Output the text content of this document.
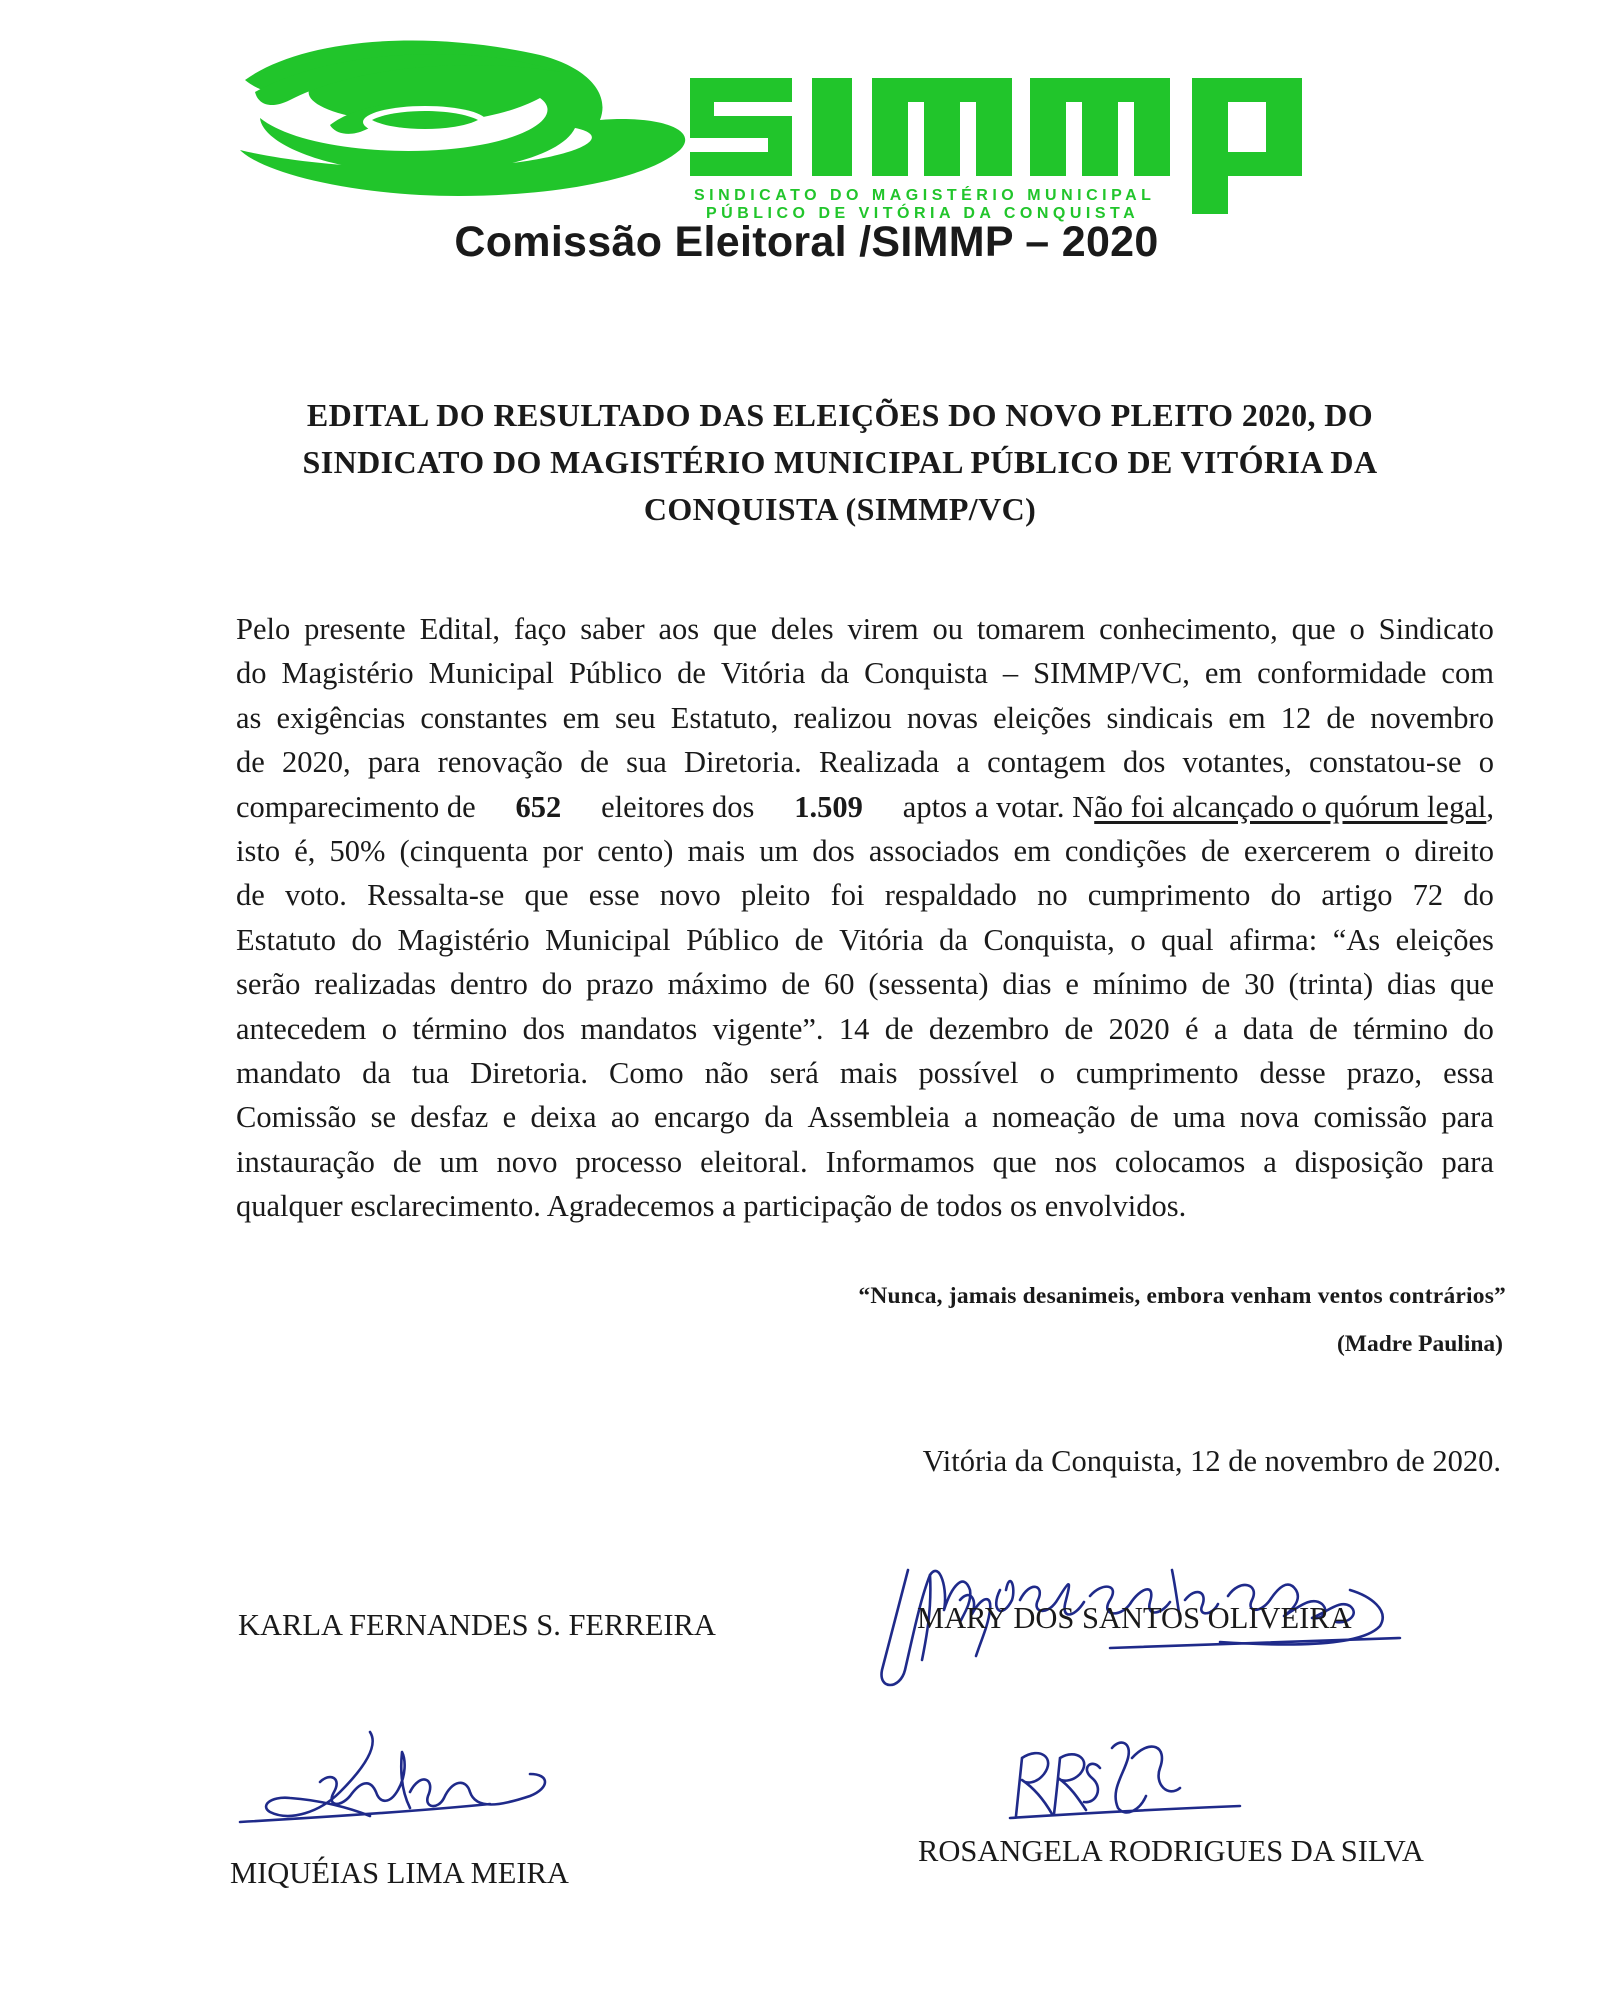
SINDICATO DO MAGISTÉRIO MUNICIPAL
PÚBLICO DE VITÓRIA DA CONQUISTA
Comissão Eleitoral /SIMMP – 2020
EDITAL DO RESULTADO DAS ELEIÇÕES DO NOVO PLEITO 2020, DO
SINDICATO DO MAGISTÉRIO MUNICIPAL PÚBLICO DE VITÓRIA DA
CONQUISTA (SIMMP/VC)
Pelo presente Edital, faço saber aos que deles virem ou tomarem conhecimento, que o Sindicato
do Magistério Municipal Público de Vitória da Conquista – SIMMP/VC, em conformidade com
as exigências constantes em seu Estatuto, realizou novas eleições sindicais em 12 de novembro
de 2020, para renovação de sua Diretoria. Realizada a contagem dos votantes, constatou-se o
comparecimento de 652 eleitores dos 1.509 aptos a votar. Não foi alcançado o quórum legal,
isto é, 50% (cinquenta por cento) mais um dos associados em condições de exercerem o direito
de voto. Ressalta-se que esse novo pleito foi respaldado no cumprimento do artigo 72 do
Estatuto do Magistério Municipal Público de Vitória da Conquista, o qual afirma: “As eleições
serão realizadas dentro do prazo máximo de 60 (sessenta) dias e mínimo de 30 (trinta) dias que
antecedem o término dos mandatos vigente”. 14 de dezembro de 2020 é a data de término do
mandato da tua Diretoria. Como não será mais possível o cumprimento desse prazo, essa
Comissão se desfaz e deixa ao encargo da Assembleia a nomeação de uma nova comissão para
instauração de um novo processo eleitoral. Informamos que nos colocamos a disposição para
qualquer esclarecimento. Agradecemos a participação de todos os envolvidos.
“Nunca, jamais desanimeis, embora venham ventos contrários”
(Madre Paulina)
Vitória da Conquista, 12 de novembro de 2020.
KARLA FERNANDES S. FERREIRA	MARY DOS SANTOS OLIVEIRA
MIQUÉIAS LIMA MEIRA
ROSANGELA RODRIGUES DA SILVA
